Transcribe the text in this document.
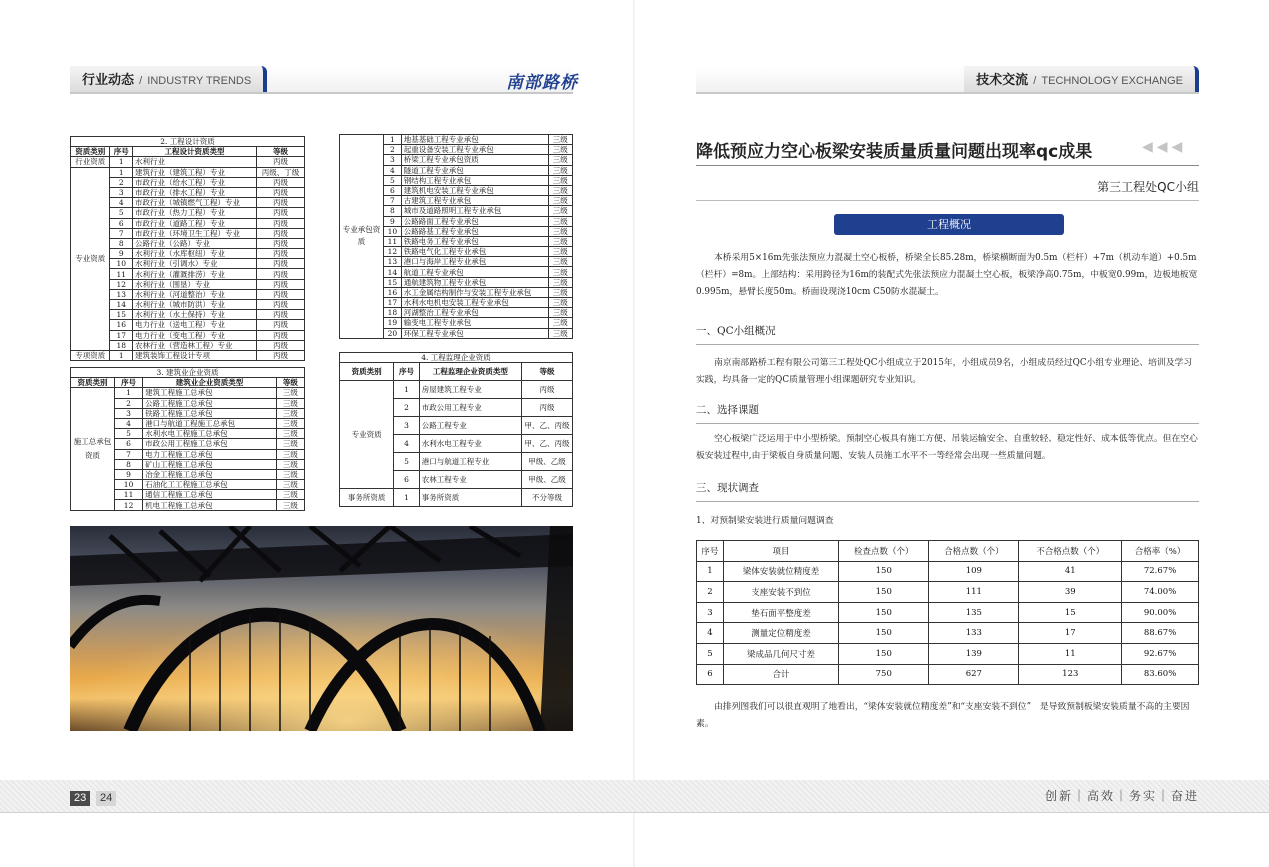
行业动态 / INDUSTRY TRENDS	南部路桥
2. 工程设计资质			
资质类别	序号	工程设计资质类型	等级
行业资质	1	水利行业	丙级
专业资质	1	建筑行业（建筑工程）专业	丙级、丁级
	2	市政行业（给水工程）专业	丙级
	3	市政行业（排水工程）专业	丙级
	4	市政行业（城镇燃气工程）专业	丙级
	5	市政行业（热力工程）专业	丙级
	6	市政行业（道路工程）专业	丙级
	7	市政行业（环境卫生工程）专业	丙级
	8	公路行业（公路）专业	丙级
	9	水利行业（水库枢纽）专业	丙级
	10	水利行业（引调水）专业	丙级
	11	水利行业（灌溉排涝）专业	丙级
	12	水利行业（围垦）专业	丙级
	13	水利行业（河道整治）专业	丙级
	14	水利行业（城市防洪）专业	丙级
	15	水利行业（水土保持）专业	丙级
	16	电力行业（送电工程）专业	丙级
	17	电力行业（变电工程）专业	丙级
	18	农林行业（营造林工程）专业	丙级
专项资质	1	建筑装饰工程设计专项	丙级
3. 建筑业企业资质			
资质类别	序号	建筑业企业资质类型	等级
施工总承包资质	1	建筑工程施工总承包	三级
	2	公路工程施工总承包	三级
	3	铁路工程施工总承包	三级
	4	港口与航道工程施工总承包	三级
	5	水利水电工程施工总承包	三级
	6	市政公用工程施工总承包	三级
	7	电力工程施工总承包	三级
	8	矿山工程施工总承包	三级
	9	冶金工程施工总承包	三级
	10	石油化工工程施工总承包	三级
	11	通信工程施工总承包	三级
	12	机电工程施工总承包	三级
专业承包资质	1	地基基础工程专业承包	三级
	2	起重设备安装工程专业承包	三级
	3	桥梁工程专业承包资质	三级
	4	隧道工程专业承包	三级
	5	钢结构工程专业承包	三级
	6	建筑机电安装工程专业承包	三级
	7	古建筑工程专业承包	三级
	8	城市及道路照明工程专业承包	三级
	9	公路路面工程专业承包	三级
	10	公路路基工程专业承包	三级
	11	铁路电务工程专业承包	三级
	12	铁路电气化工程专业承包	三级
	13	港口与海岸工程专业承包	三级
	14	航道工程专业承包	三级
	15	通航建筑物工程专业承包	三级
	16	水工金属结构制作与安装工程专业承包	三级
	17	水利水电机电安装工程专业承包	三级
	18	河湖整治工程专业承包	三级
	19	输变电工程专业承包	三级
	20	环保工程专业承包	三级
4. 工程监理企业资质			
资质类别	序号	工程监理企业资质类型	等级
专业资质	1	房屋建筑工程专业	丙级
	2	市政公用工程专业	丙级
	3	公路工程专业	甲、乙、丙级
	4	水利水电工程专业	甲、乙、丙级
	5	港口与航道工程专业	甲级、乙级
	6	农林工程专业	甲级、乙级
事务所资质	1	事务所资质	不分等级
技术交流 / TECHNOLOGY EXCHANGE
降低预应力空心板梁安装质量质量问题出现率qc成果	◀◀◀
第三工程处QC小组
工程概况
本桥采用5×16m先张法预应力混凝土空心板桥，桥梁全长85.28m，桥梁横断面为0.5m（栏杆）+7m（机动车道）+0.5m（栏杆）=8m。上部结构：采用跨径为16m的装配式先张法预应力混凝土空心板，板梁净高0.75m，中板宽0.99m，边板地板宽0.995m，悬臂长度50m。桥面设现浇10cm C50防水混凝土。
一、QC小组概况
南京南部路桥工程有限公司第三工程处QC小组成立于2015年，小组成员9名，小组成员经过QC小组专业理论、培训及学习实践，均具备一定的QC质量管理小组课题研究专业知识。
二、选择课题
空心板梁广泛运用于中小型桥梁。预制空心板具有施工方便、吊装运输安全、自重较轻、稳定性好、成本低等优点。但在空心板安装过程中,由于梁板自身质量问题、安装人员施工水平不一等经常会出现一些质量问题。
三、现状调查
1、对预制梁安装进行质量问题调查
序号	项目	检查点数（个）	合格点数（个）	不合格点数（个）	合格率（%）
1	梁体安装就位精度差	150	109	41	72.67%
2	支座安装不到位	150	111	39	74.00%
3	垫石面平整度差	150	135	15	90.00%
4	测量定位精度差	150	133	17	88.67%
5	梁成品几何尺寸差	150	139	11	92.67%
6	合计	750	627	123	83.60%
由排列图我们可以很直观明了地看出，“梁体安装就位精度差”和“支座安装不到位”　是导致预制板梁安装质量不高的主要因素。
23	24	创新｜高效｜务实｜奋进
